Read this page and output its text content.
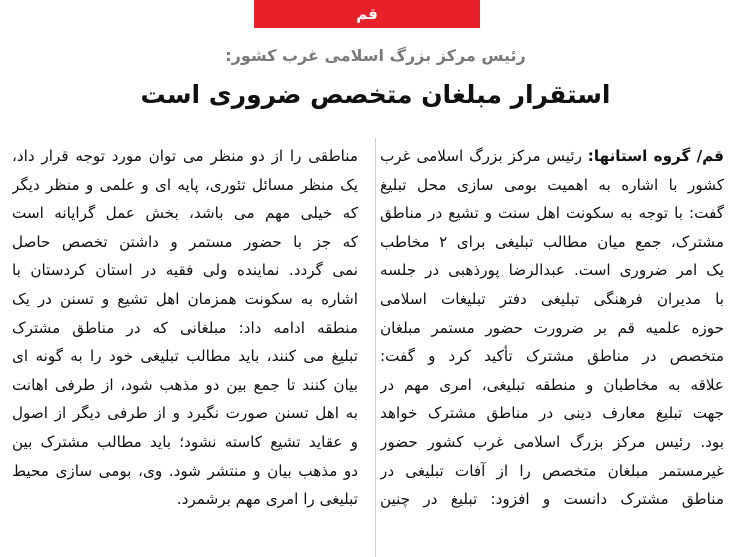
قم
رئیس مرکز بزرگ اسلامی غرب کشور:
استقرار مبلغان متخصص ضروری است
قم/ گروه استانها: رئیس مرکز بزرگ اسلامی غرب
کشور با اشاره به اهمیت بومی سازی محل تبلیغ
گفت: با توجه به سکونت اهل سنت و تشیع در مناطق
مشترک، جمع میان مطالب تبلیغی برای ۲ مخاطب
یک امر ضروری است. عبدالرضا پورذهبی در جلسه
با مدیران فرهنگی تبلیغی دفتر تبلیغات اسلامی
حوزه علمیه قم بر ضرورت حضور مستمر مبلغان
متخصص در مناطق مشترک تأکید کرد و گفت:
علاقه به مخاطبان و منطقه تبلیغی، امری مهم در
جهت تبلیغ معارف دینی در مناطق مشترک خواهد
بود. رئیس مرکز بزرگ اسلامی غرب کشور حضور
غیرمستمر مبلغان متخصص را از آفات تبلیغی در
مناطق مشترک دانست و افزود: تبلیغ در چنین
مناطقی را از دو منظر می توان مورد توجه قرار داد،
یک منظر مسائل تئوری، پایه ای و علمی و منظر دیگر
که خیلی مهم می باشد، بخش عمل گرایانه است
که جز با حضور مستمر و داشتن تخصص حاصل
نمی گردد. نماینده ولی فقیه در استان کردستان با
اشاره به سکونت همزمان اهل تشیع و تسنن در یک
منطقه ادامه داد: مبلغانی که در مناطق مشترک
تبلیغ می کنند، باید مطالب تبلیغی خود را به گونه ای
بیان کنند تا جمع بین دو مذهب شود، از طرفی اهانت
به اهل تسنن صورت نگیرد و از طرفی دیگر از اصول
و عقاید تشیع کاسته نشود؛ باید مطالب مشترک بین
دو مذهب بیان و منتشر شود. وی، بومی سازی محیط
تبلیغی را امری مهم برشمرد.
